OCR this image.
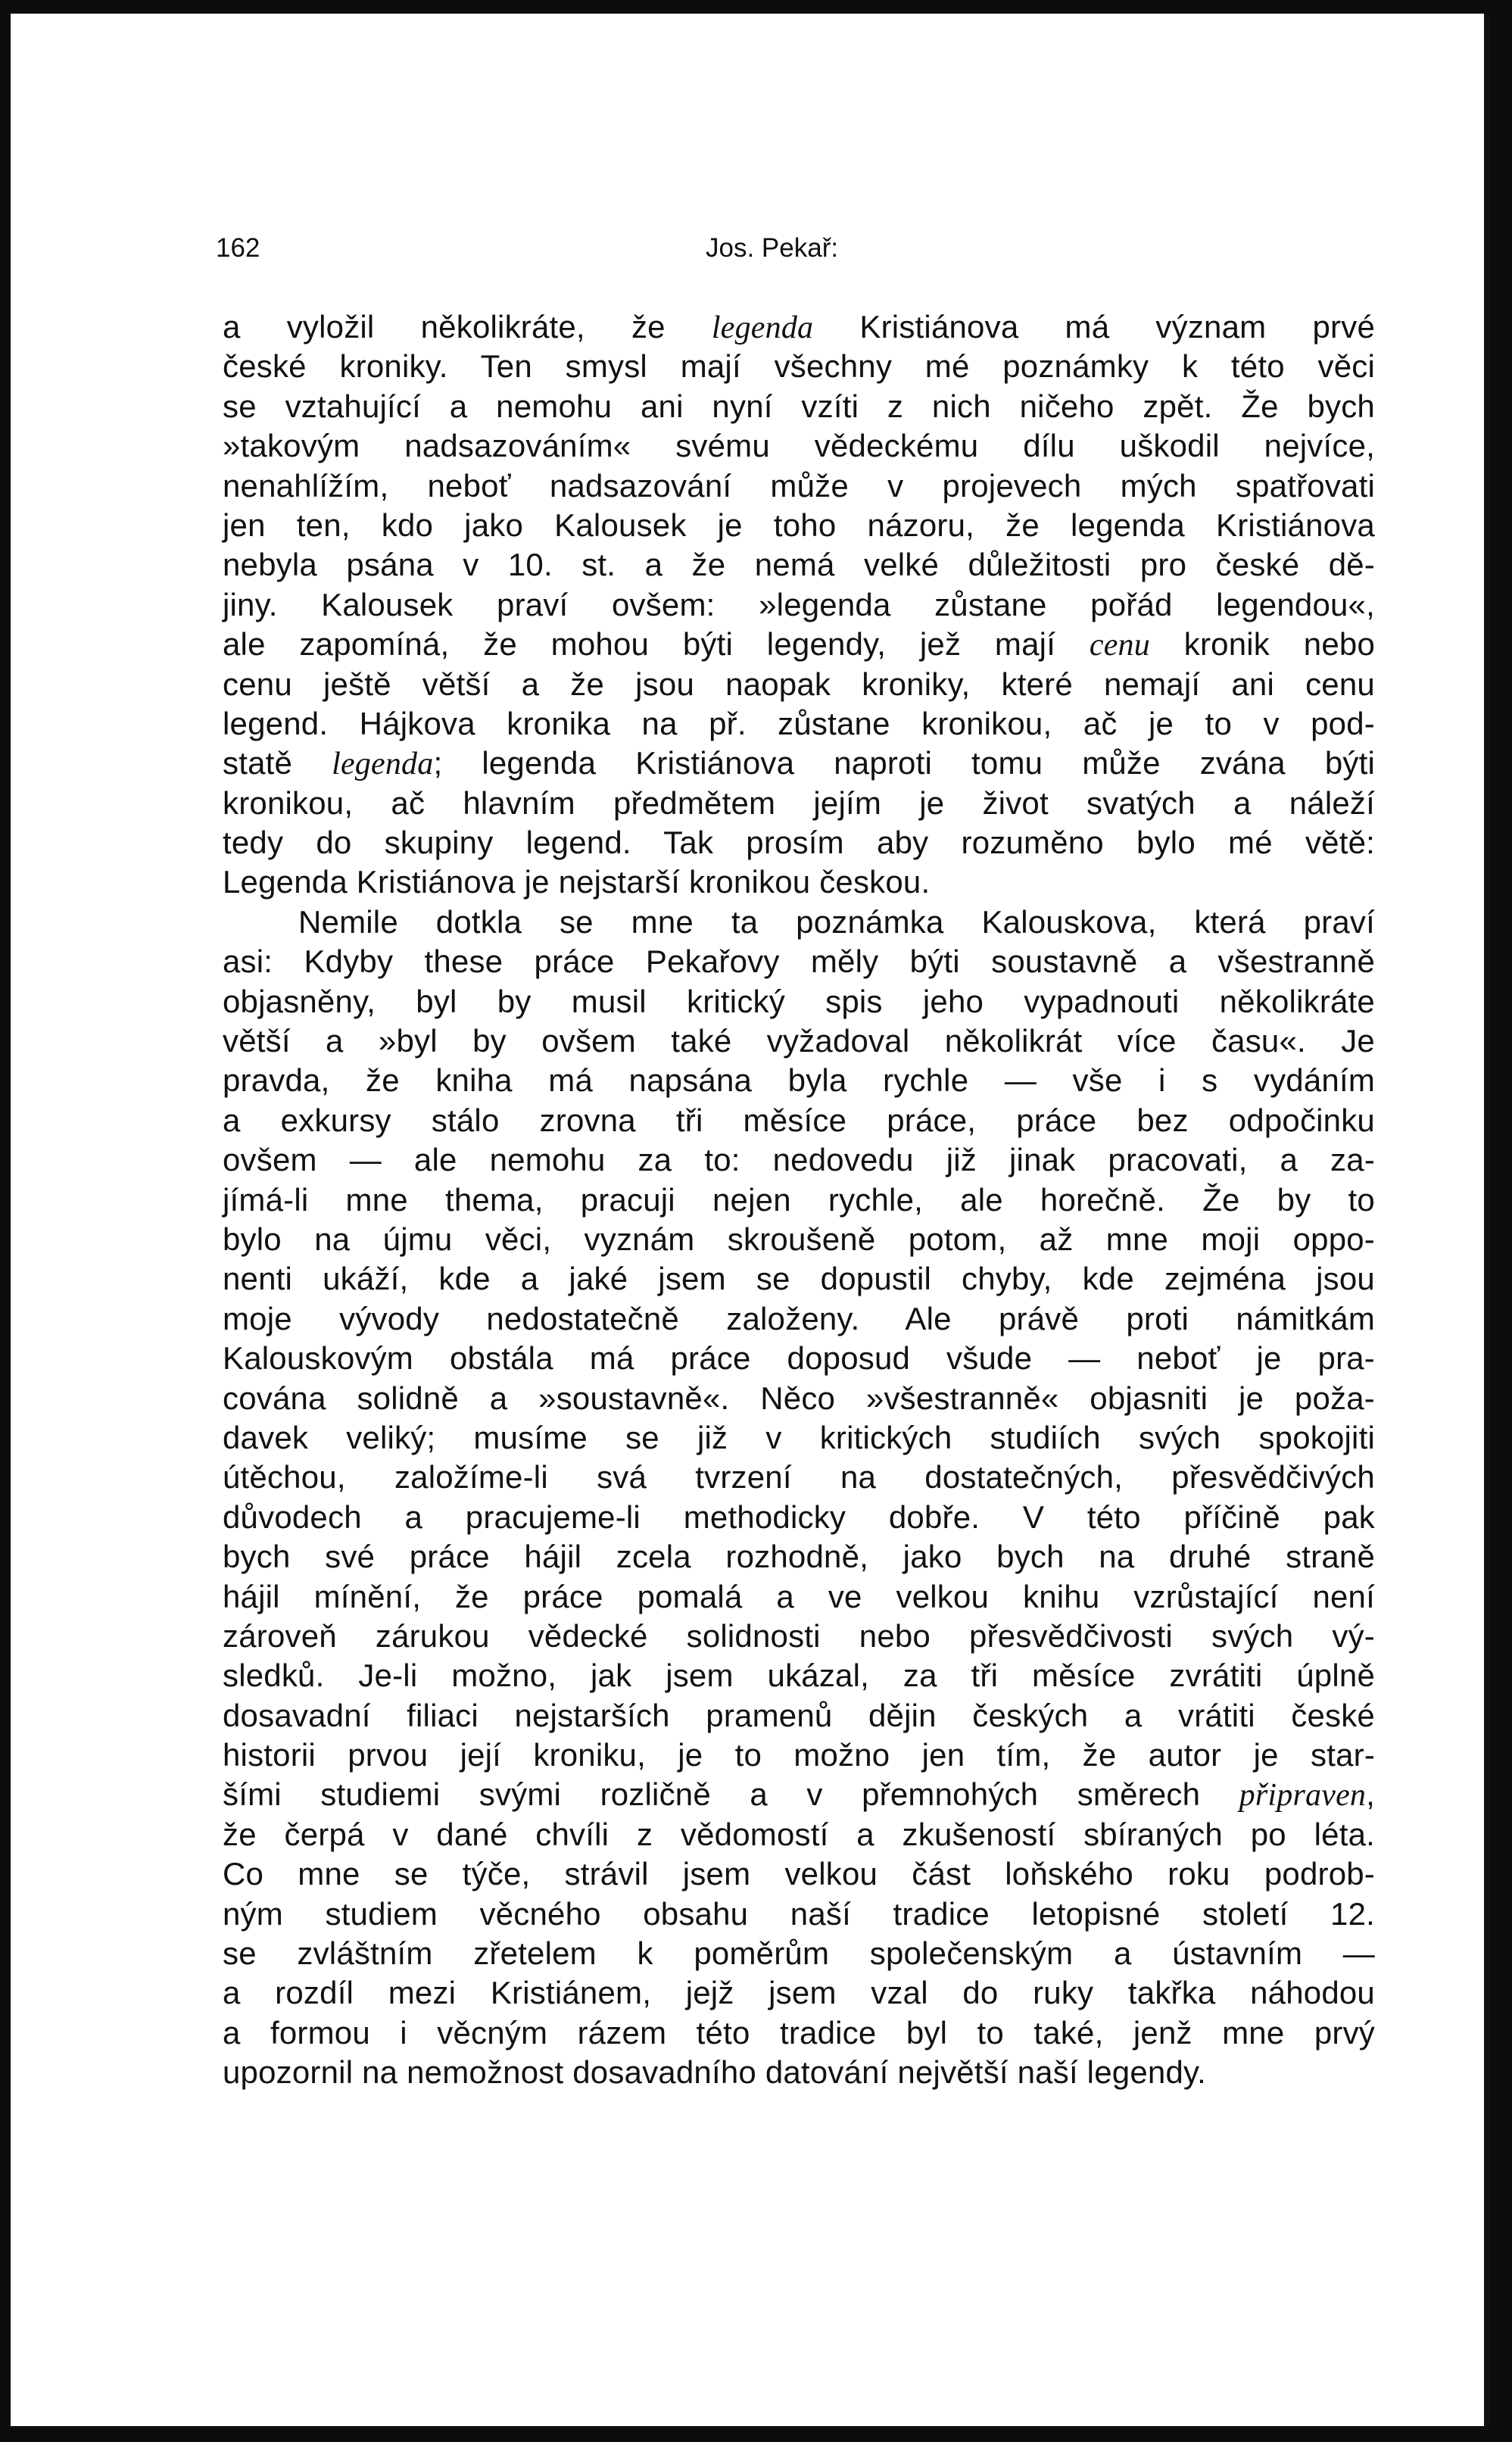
162	Jos. Pekař:
a vyložil několikráte, že legenda Kristiánova má význam prvé
české kroniky. Ten smysl mají všechny mé poznámky k této věci
se vztahující a nemohu ani nyní vzíti z nich ničeho zpět. Že bych
»takovým nadsazováním« svému vědeckému dílu uškodil nejvíce,
nenahlížím, neboť nadsazování může v projevech mých spatřovati
jen ten, kdo jako Kalousek je toho názoru, že legenda Kristiánova
nebyla psána v 10. st. a že nemá velké důležitosti pro české dě-
jiny. Kalousek praví ovšem: »legenda zůstane pořád legendou«,
ale zapomíná, že mohou býti legendy, jež mají cenu kronik nebo
cenu ještě větší a že jsou naopak kroniky, které nemají ani cenu
legend. Hájkova kronika na př. zůstane kronikou, ač je to v pod-
statě legenda; legenda Kristiánova naproti tomu může zvána býti
kronikou, ač hlavním předmětem jejím je život svatých a náleží
tedy do skupiny legend. Tak prosím aby rozuměno bylo mé větě:
Legenda Kristiánova je nejstarší kronikou českou.
Nemile dotkla se mne ta poznámka Kalouskova, která praví
asi: Kdyby these práce Pekařovy měly býti soustavně a všestranně
objasněny, byl by musil kritický spis jeho vypadnouti několikráte
větší a »byl by ovšem také vyžadoval několikrát více času«. Je
pravda, že kniha má napsána byla rychle — vše i s vydáním
a exkursy stálo zrovna tři měsíce práce, práce bez odpočinku
ovšem — ale nemohu za to: nedovedu již jinak pracovati, a za-
jímá-li mne thema, pracuji nejen rychle, ale horečně. Že by to
bylo na újmu věci, vyznám skroušeně potom, až mne moji oppo-
nenti ukáží, kde a jaké jsem se dopustil chyby, kde zejména jsou
moje vývody nedostatečně založeny. Ale právě proti námitkám
Kalouskovým obstála má práce doposud všude — neboť je pra-
cována solidně a »soustavně«. Něco »všestranně« objasniti je poža-
davek veliký; musíme se již v kritických studiích svých spokojiti
útěchou, založíme-li svá tvrzení na dostatečných, přesvědčivých
důvodech a pracujeme-li methodicky dobře. V této příčině pak
bych své práce hájil zcela rozhodně, jako bych na druhé straně
hájil mínění, že práce pomalá a ve velkou knihu vzrůstající není
zároveň zárukou vědecké solidnosti nebo přesvědčivosti svých vý-
sledků. Je-li možno, jak jsem ukázal, za tři měsíce zvrátiti úplně
dosavadní filiaci nejstarších pramenů dějin českých a vrátiti české
historii prvou její kroniku, je to možno jen tím, že autor je star-
šími studiemi svými rozličně a v přemnohých směrech připraven,
že čerpá v dané chvíli z vědomostí a zkušeností sbíraných po léta.
Co mne se týče, strávil jsem velkou část loňského roku podrob-
ným studiem věcného obsahu naší tradice letopisné století 12.
se zvláštním zřetelem k poměrům společenským a ústavním —
a rozdíl mezi Kristiánem, jejž jsem vzal do ruky takřka náhodou
a formou i věcným rázem této tradice byl to také, jenž mne prvý
upozornil na nemožnost dosavadního datování největší naší legendy.
